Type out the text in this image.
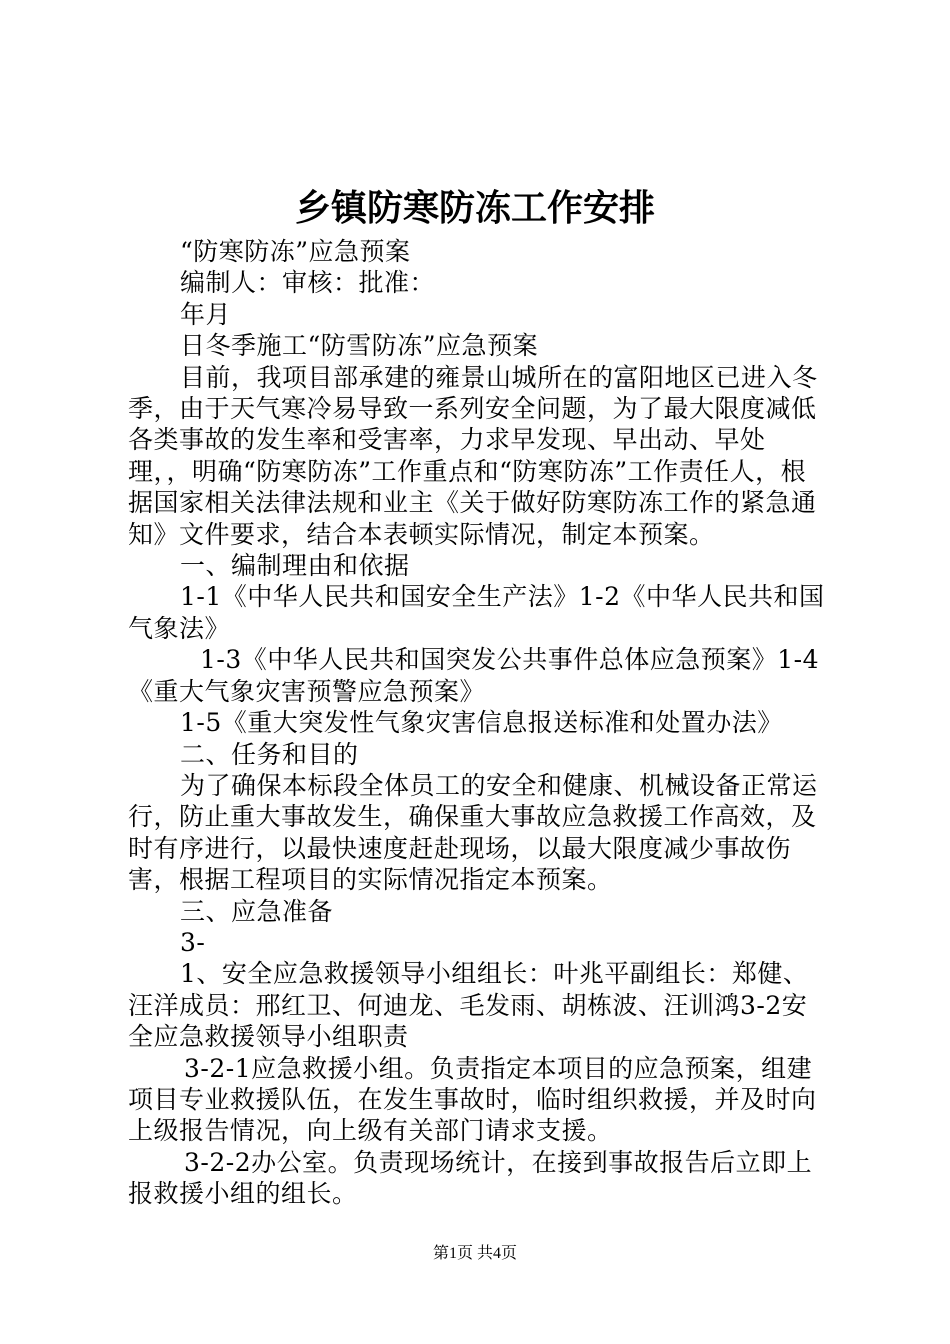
乡镇防寒防冻工作安排

“防寒防冻”应急预案

编制人：审核：批准：

年月

日冬季施工“防雪防冻”应急预案

目前，我项目部承建的雍景山城所在的富阳地区已进入冬季，由于天气寒冷易导致一系列安全问题，为了最大限度减低各类事故的发生率和受害率，力求早发现、早出动、早处理，，明确“防寒防冻”工作重点和“防寒防冻”工作责任人，根据国家相关法律法规和业主《关于做好防寒防冻工作的紧急通知》文件要求，结合本表顿实际情况，制定本预案。

一、编制理由和依据

1-1《中华人民共和国安全生产法》1-2《中华人民共和国气象法》

1-3《中华人民共和国突发公共事件总体应急预案》1-4《重大气象灾害预警应急预案》

1-5《重大突发性气象灾害信息报送标准和处置办法》

二、任务和目的

为了确保本标段全体员工的安全和健康、机械设备正常运行，防止重大事故发生，确保重大事故应急救援工作高效，及时有序进行，以最快速度赶赴现场，以最大限度减少事故伤害，根据工程项目的实际情况指定本预案。

三、应急准备

3-

1、安全应急救援领导小组组长：叶兆平副组长：郑健、汪洋成员：邢红卫、何迪龙、毛发雨、胡栋波、汪训鸿3-2安全应急救援领导小组职责

3-2-1应急救援小组。负责指定本项目的应急预案，组建项目专业救援队伍，在发生事故时，临时组织救援，并及时向上级报告情况，向上级有关部门请求支援。

3-2-2办公室。负责现场统计，在接到事故报告后立即上报救援小组的组长。

第1页 共4页
